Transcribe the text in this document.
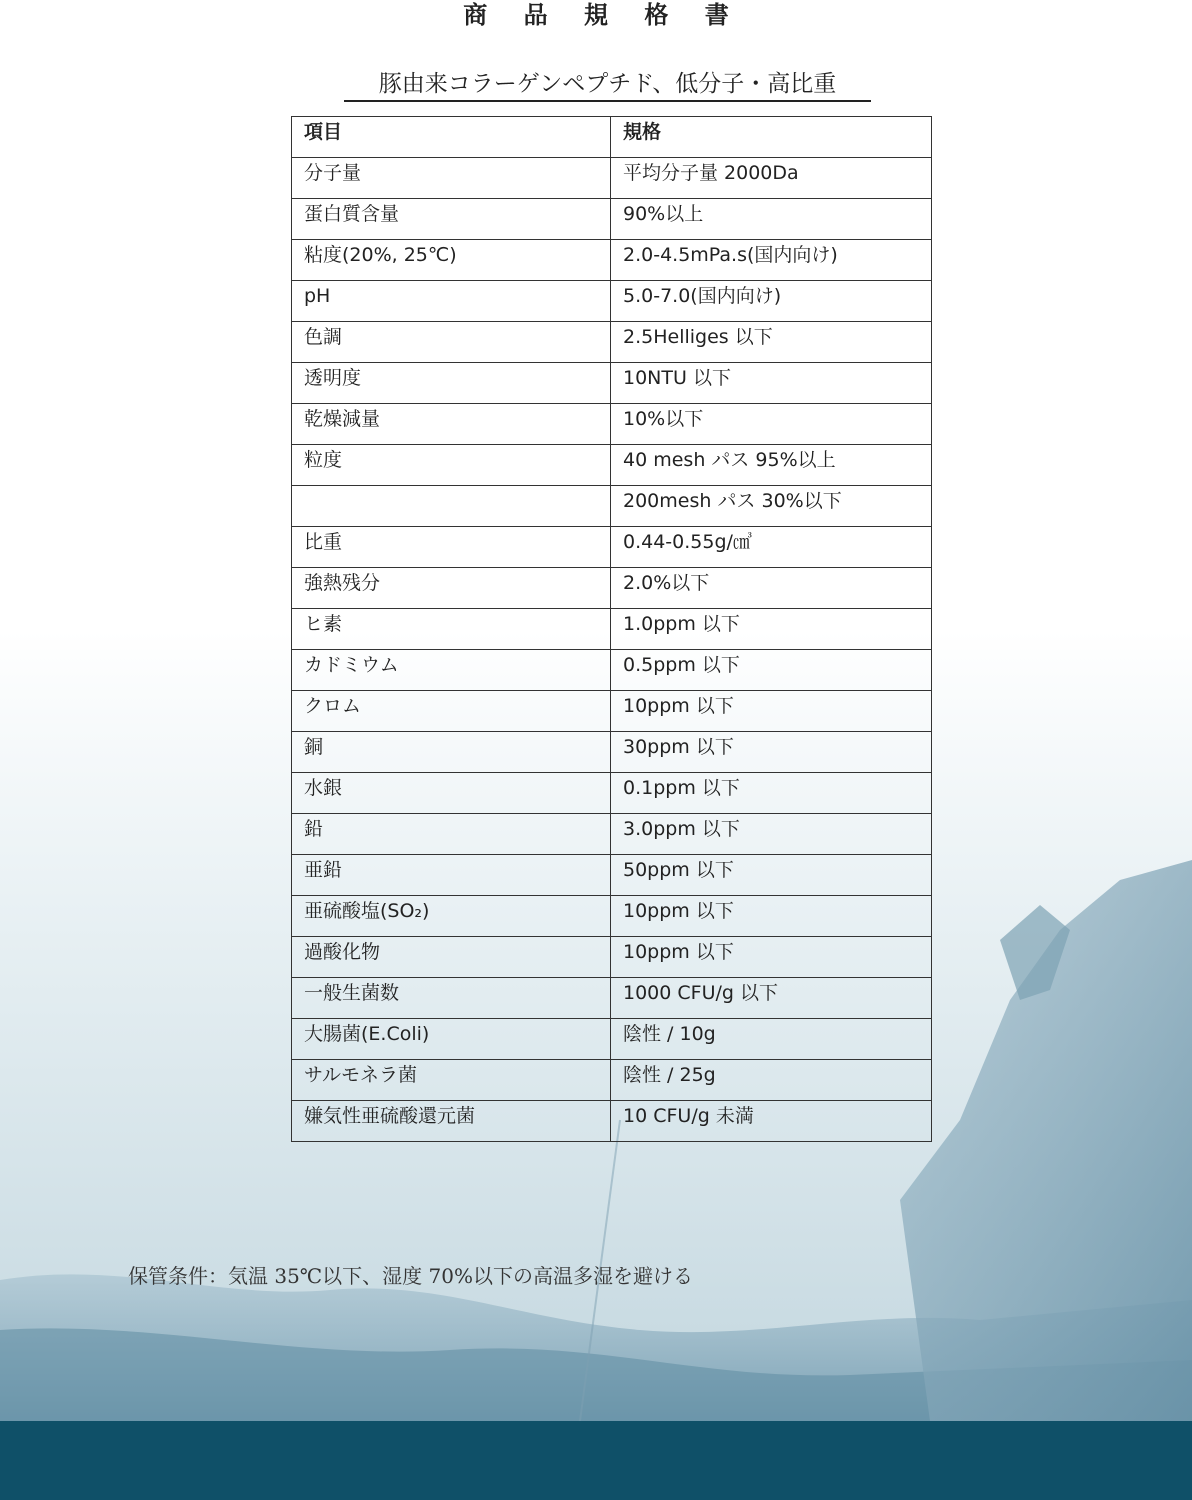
商 品 規 格 書
豚由来コラーゲンペプチド、低分子・高比重
項目	規格
分子量	平均分子量 2000Da
蛋白質含量	90%以上
粘度(20%, 25℃)	2.0-4.5mPa.s(国内向け)
pH	5.0-7.0(国内向け)
色調	2.5Helliges 以下
透明度	10NTU 以下
乾燥減量	10%以下
粒度	40 mesh パス 95%以上
	200mesh パス 30%以下
比重	0.44-0.55g/㎤
強熱残分	2.0%以下
ヒ素	1.0ppm 以下
カドミウム	0.5ppm 以下
クロム	10ppm 以下
銅	30ppm 以下
水銀	0.1ppm 以下
鉛	3.0ppm 以下
亜鉛	50ppm 以下
亜硫酸塩(SO₂)	10ppm 以下
過酸化物	10ppm 以下
一般生菌数	1000 CFU/g 以下
大腸菌(E.Coli)	陰性 / 10g
サルモネラ菌	陰性 / 25g
嫌気性亜硫酸還元菌	10 CFU/g 未満
保管条件：気温 35℃以下、湿度 70%以下の高温多湿を避ける
